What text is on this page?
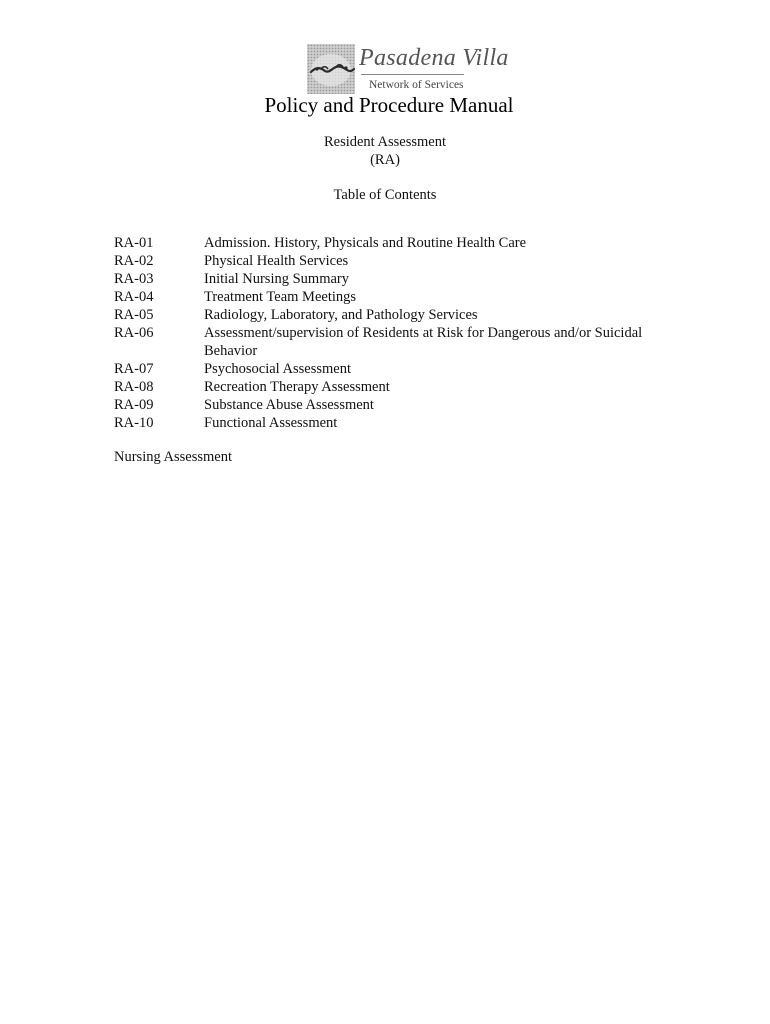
Pasadena Villa
Network of Services
Policy and Procedure Manual
Resident Assessment
(RA)
Table of Contents
RA-01	Admission. History, Physicals and Routine Health Care
RA-02	Physical Health Services
RA-03	Initial Nursing Summary
RA-04	Treatment Team Meetings
RA-05	Radiology, Laboratory, and Pathology Services
RA-06	Assessment/supervision of Residents at Risk for Dangerous and/or Suicidal Behavior
RA-07	Psychosocial Assessment
RA-08	Recreation Therapy Assessment
RA-09	Substance Abuse Assessment
RA-10	Functional Assessment
Nursing Assessment
